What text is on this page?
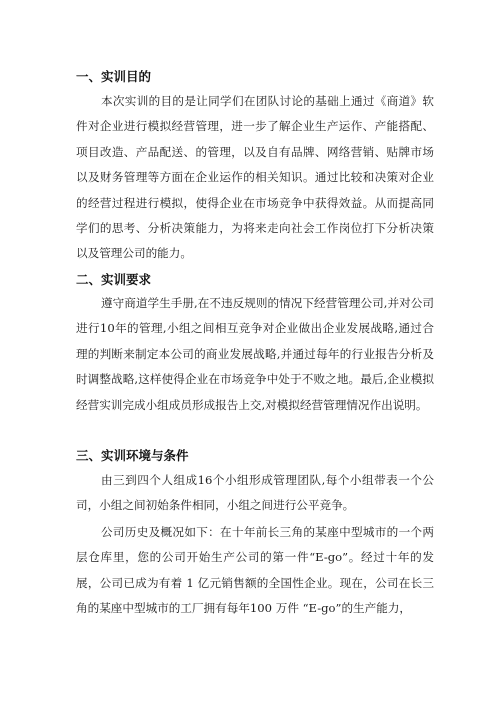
一、实训目的

本次实训的目的是让同学们在团队讨论的基础上通过《商道》软件对企业进行模拟经营管理，进一步了解企业生产运作、产能搭配、项目改造、产品配送、的管理，以及自有品牌、网络营销、贴牌市场以及财务管理等方面在企业运作的相关知识。通过比较和决策对企业的经营过程进行模拟，使得企业在市场竞争中获得效益。从而提高同学们的思考、分析决策能力，为将来走向社会工作岗位打下分析决策以及管理公司的能力。

二、实训要求

遵守商道学生手册,在不违反规则的情况下经营管理公司,并对公司进行10年的管理,小组之间相互竞争对企业做出企业发展战略,通过合理的判断来制定本公司的商业发展战略,并通过每年的行业报告分析及时调整战略,这样使得企业在市场竞争中处于不败之地。最后,企业模拟经营实训完成小组成员形成报告上交,对模拟经营管理情况作出说明。

三、实训环境与条件

由三到四个人组成16个小组形成管理团队,每个小组带表一个公司，小组之间初始条件相同，小组之间进行公平竞争。

公司历史及概况如下：在十年前长三角的某座中型城市的一个两层仓库里，您的公司开始生产公司的第一件“E-go”。经过十年的发展，公司已成为有着 1 亿元销售额的全国性企业。现在，公司在长三角的某座中型城市的工厂拥有每年100 万件 “E-go”的生产能力，
